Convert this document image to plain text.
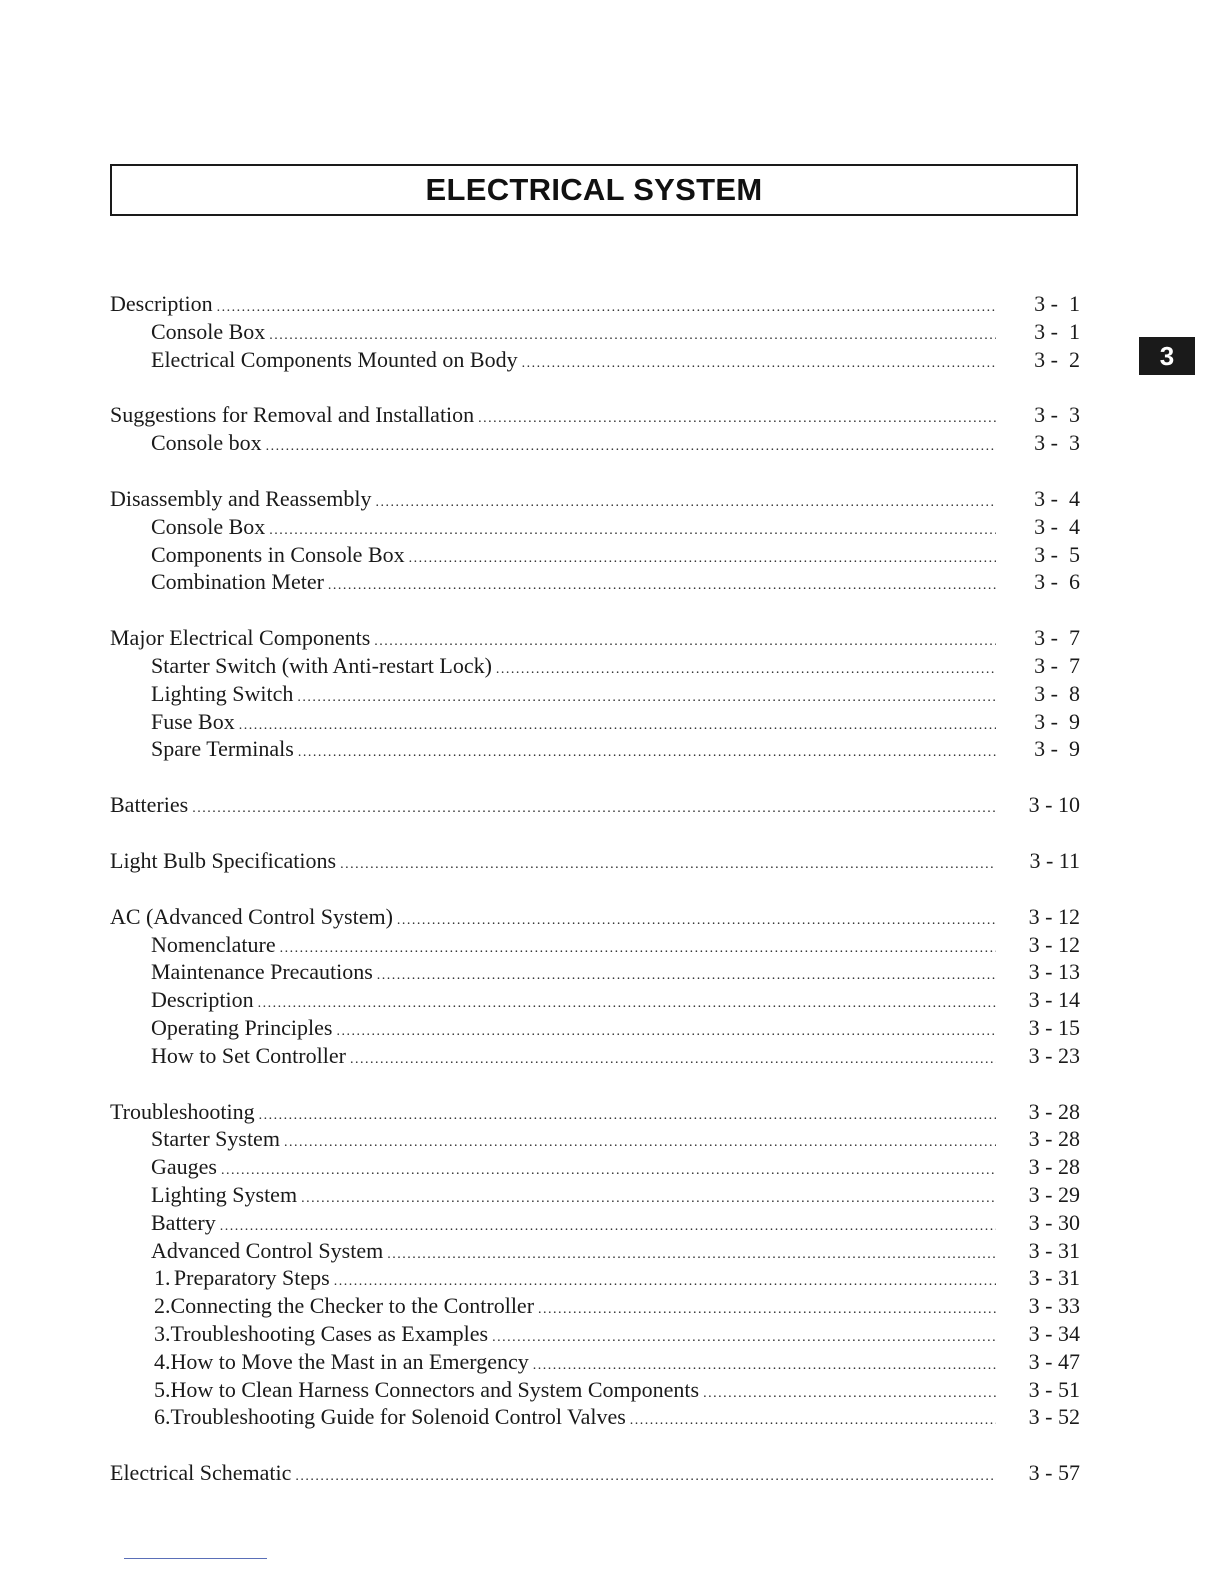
ELECTRICAL SYSTEM
3
Description .....	3 -  1
Console Box .....	3 -  1
Electrical Components Mounted on Body .....	3 -  2
Suggestions for Removal and Installation .....	3 -  3
Console box .....	3 -  3
Disassembly and Reassembly .....	3 -  4
Console Box .....	3 -  4
Components in Console Box .....	3 -  5
Combination Meter .....	3 -  6
Major Electrical Components .....	3 -  7
Starter Switch (with Anti-restart Lock) .....	3 -  7
Lighting Switch .....	3 -  8
Fuse Box .....	3 -  9
Spare Terminals .....	3 -  9
Batteries .....	3 - 10
Light Bulb Specifications .....	3 - 11
AC (Advanced Control System) .....	3 - 12
Nomenclature .....	3 - 12
Maintenance Precautions .....	3 - 13
Description .....	3 - 14
Operating Principles .....	3 - 15
How to Set Controller .....	3 - 23
Troubleshooting .....	3 - 28
Starter System .....	3 - 28
Gauges .....	3 - 28
Lighting System .....	3 - 29
Battery .....	3 - 30
Advanced Control System .....	3 - 31
1. Preparatory Steps .....	3 - 31
2. Connecting the Checker to the Controller .....	3 - 33
3. Troubleshooting Cases as Examples .....	3 - 34
4. How to Move the Mast in an Emergency .....	3 - 47
5. How to Clean Harness Connectors and System Components .....	3 - 51
6. Troubleshooting Guide for Solenoid Control Valves .....	3 - 52
Electrical Schematic .....	3 - 57
